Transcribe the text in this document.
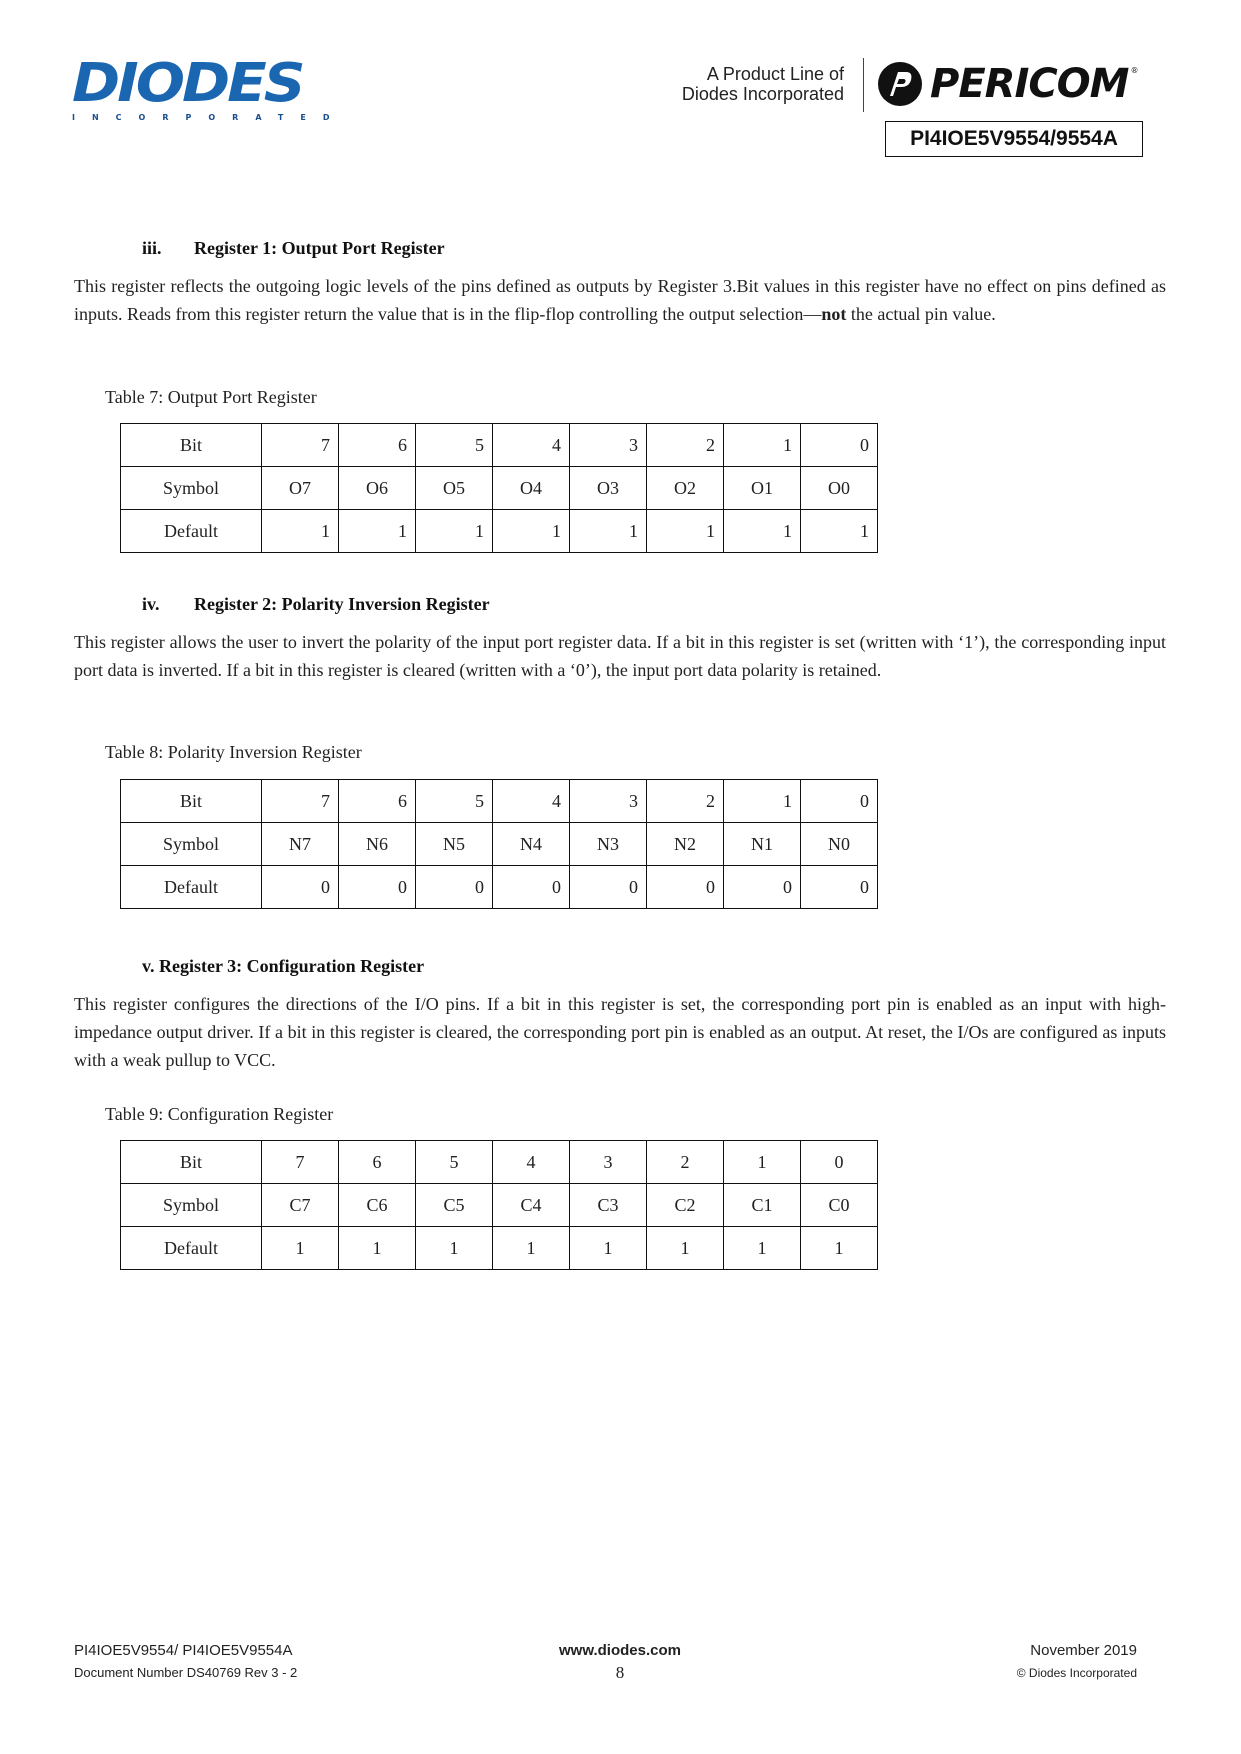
DIODES
INCORPORATED
A Product Line of
Diodes Incorporated PERICOM ®
PI4IOE5V9554/9554A
iii. Register 1: Output Port Register
This register reflects the outgoing logic levels of the pins defined as outputs by Register 3.Bit values in this register have no effect on pins defined as inputs. Reads from this register return the value that is in the flip-flop controlling the output selection—not the actual pin value.
Table 7: Output Port Register
Bit	7	6	5	4	3	2	1	0
Symbol	O7	O6	O5	O4	O3	O2	O1	O0
Default	1	1	1	1	1	1	1	1
iv. Register 2: Polarity Inversion Register
This register allows the user to invert the polarity of the input port register data. If a bit in this register is set (written with ‘1’), the corresponding input port data is inverted. If a bit in this register is cleared (written with a ‘0’), the input port data polarity is retained.
Table 8: Polarity Inversion Register
Bit	7	6	5	4	3	2	1	0
Symbol	N7	N6	N5	N4	N3	N2	N1	N0
Default	0	0	0	0	0	0	0	0
v. Register 3: Configuration Register
This register configures the directions of the I/O pins. If a bit in this register is set, the corresponding port pin is enabled as an input with high-impedance output driver. If a bit in this register is cleared, the corresponding port pin is enabled as an output. At reset, the I/Os are configured as inputs with a weak pullup to VCC.
Table 9: Configuration Register
Bit	7	6	5	4	3	2	1	0
Symbol	C7	C6	C5	C4	C3	C2	C1	C0
Default	1	1	1	1	1	1	1	1
PI4IOE5V9554/ PI4IOE5V9554A
Document Number DS40769 Rev 3 - 2
www.diodes.com
8
November 2019
© Diodes Incorporated
